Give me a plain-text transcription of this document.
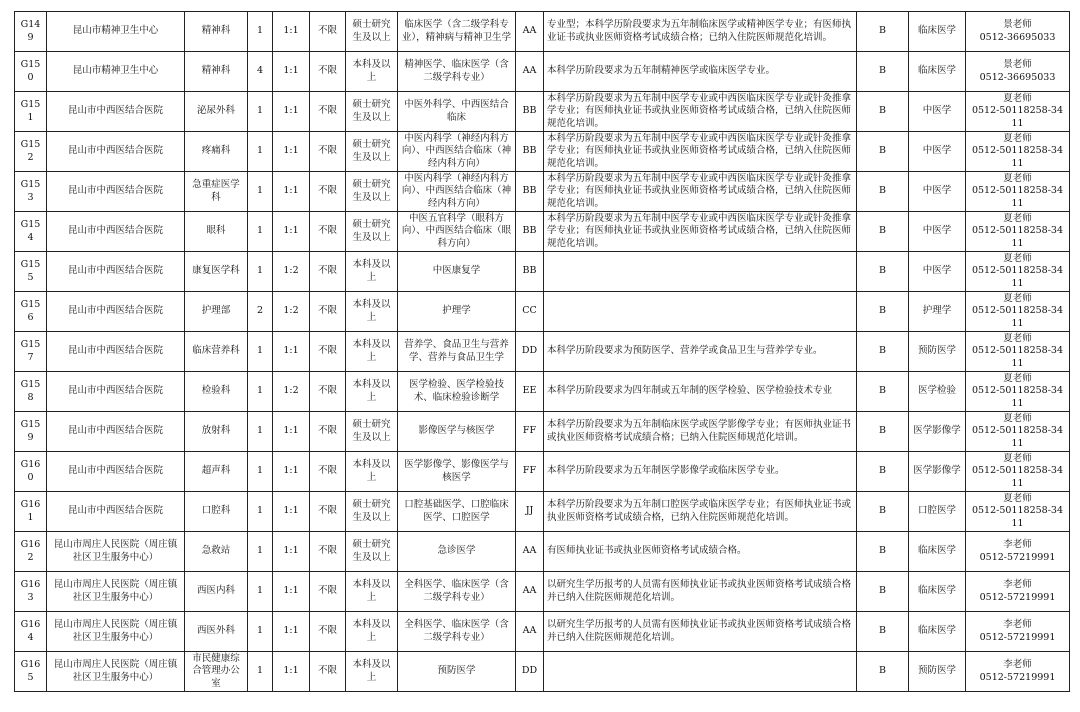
G149	昆山市精神卫生中心	精神科	1	1:1	不限	硕士研究生及以上	临床医学（含二级学科专业），精神病与精神卫生学	AA	专业型；本科学历阶段要求为五年制临床医学或精神医学专业；有医师执业证书或执业医师资格考试成绩合格；已纳入住院医师规范化培训。	B	临床医学	景老师
0512-36695033

G150	昆山市精神卫生中心	精神科	4	1:1	不限	本科及以上	精神医学、临床医学（含二级学科专业）	AA	本科学历阶段要求为五年制精神医学或临床医学专业。	B	临床医学	景老师
0512-36695033

G151	昆山市中西医结合医院	泌尿外科	1	1:1	不限	硕士研究生及以上	中医外科学、中西医结合临床	BB	本科学历阶段要求为五年制中医学专业或中西医临床医学专业或针灸推拿学专业；有医师执业证书或执业医师资格考试成绩合格，已纳入住院医师规范化培训。	B	中医学	夏老师
0512-50118258-3411

G152	昆山市中西医结合医院	疼痛科	1	1:1	不限	硕士研究生及以上	中医内科学（神经内科方向）、中西医结合临床（神经内科方向）	BB	本科学历阶段要求为五年制中医学专业或中西医临床医学专业或针灸推拿学专业；有医师执业证书或执业医师资格考试成绩合格，已纳入住院医师规范化培训。	B	中医学	夏老师
0512-50118258-3411

G153	昆山市中西医结合医院	急重症医学科	1	1:1	不限	硕士研究生及以上	中医内科学（神经内科方向）、中西医结合临床（神经内科方向）	BB	本科学历阶段要求为五年制中医学专业或中西医临床医学专业或针灸推拿学专业；有医师执业证书或执业医师资格考试成绩合格，已纳入住院医师规范化培训。	B	中医学	夏老师
0512-50118258-3411

G154	昆山市中西医结合医院	眼科	1	1:1	不限	硕士研究生及以上	中医五官科学（眼科方向）、中西医结合临床（眼科方向）	BB	本科学历阶段要求为五年制中医学专业或中西医临床医学专业或针灸推拿学专业；有医师执业证书或执业医师资格考试成绩合格，已纳入住院医师规范化培训。	B	中医学	夏老师
0512-50118258-3411

G155	昆山市中西医结合医院	康复医学科	1	1:2	不限	本科及以上	中医康复学	BB		B	中医学	夏老师
0512-50118258-3411

G156	昆山市中西医结合医院	护理部	2	1:2	不限	本科及以上	护理学	CC		B	护理学	夏老师
0512-50118258-3411

G157	昆山市中西医结合医院	临床营养科	1	1:1	不限	本科及以上	营养学、食品卫生与营养学、营养与食品卫生学	DD	本科学历阶段要求为预防医学、营养学或食品卫生与营养学专业。	B	预防医学	夏老师
0512-50118258-3411

G158	昆山市中西医结合医院	检验科	1	1:2	不限	本科及以上	医学检验、医学检验技术、临床检验诊断学	EE	本科学历阶段要求为四年制或五年制的医学检验、医学检验技术专业	B	医学检验	夏老师
0512-50118258-3411

G159	昆山市中西医结合医院	放射科	1	1:1	不限	硕士研究生及以上	影像医学与核医学	FF	本科学历阶段要求为五年制临床医学或医学影像学专业；有医师执业证书或执业医师资格考试成绩合格；已纳入住院医师规范化培训。	B	医学影像学	夏老师
0512-50118258-3411

G160	昆山市中西医结合医院	超声科	1	1:1	不限	本科及以上	医学影像学、影像医学与核医学	FF	本科学历阶段要求为五年制医学影像学或临床医学专业。	B	医学影像学	夏老师
0512-50118258-3411

G161	昆山市中西医结合医院	口腔科	1	1:1	不限	硕士研究生及以上	口腔基础医学、口腔临床医学、口腔医学	JJ	本科学历阶段要求为五年制口腔医学或临床医学专业；有医师执业证书或执业医师资格考试成绩合格，已纳入住院医师规范化培训。	B	口腔医学	夏老师
0512-50118258-3411

G162	昆山市周庄人民医院（周庄镇社区卫生服务中心）	急救站	1	1:1	不限	硕士研究生及以上	急诊医学	AA	有医师执业证书或执业医师资格考试成绩合格。	B	临床医学	李老师
0512-57219991

G163	昆山市周庄人民医院（周庄镇社区卫生服务中心）	西医内科	1	1:1	不限	本科及以上	全科医学、临床医学（含二级学科专业）	AA	以研究生学历报考的人员需有医师执业证书或执业医师资格考试成绩合格并已纳入住院医师规范化培训。	B	临床医学	李老师
0512-57219991

G164	昆山市周庄人民医院（周庄镇社区卫生服务中心）	西医外科	1	1:1	不限	本科及以上	全科医学、临床医学（含二级学科专业）	AA	以研究生学历报考的人员需有医师执业证书或执业医师资格考试成绩合格并已纳入住院医师规范化培训。	B	临床医学	李老师
0512-57219991

G165	昆山市周庄人民医院（周庄镇社区卫生服务中心）	市民健康综合管理办公室	1	1:1	不限	本科及以上	预防医学	DD		B	预防医学	李老师
0512-57219991
